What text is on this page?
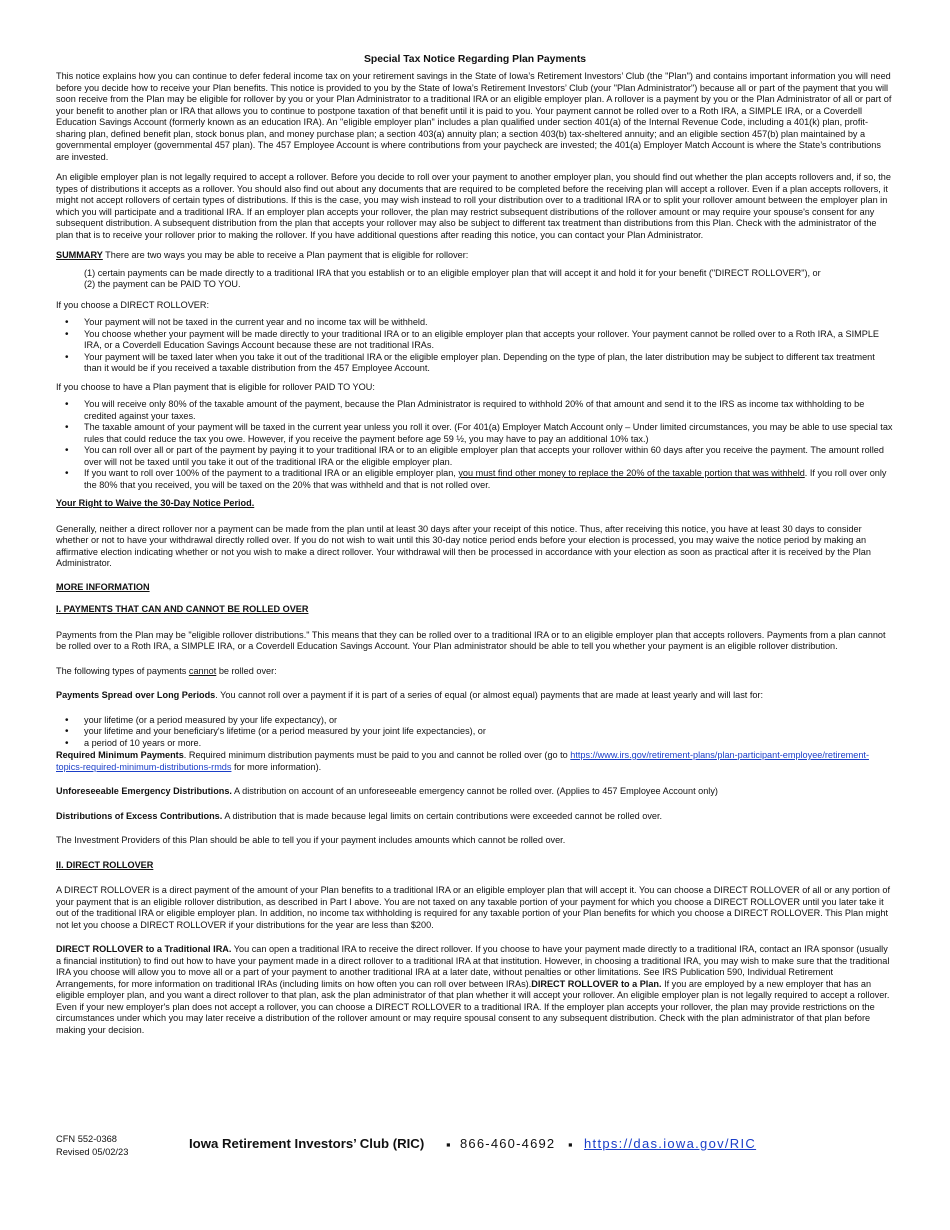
Special Tax Notice Regarding Plan Payments

This notice explains how you can continue to defer federal income tax on your retirement savings in the State of Iowa’s Retirement Investors’ Club (the "Plan") and contains important information you will need before you decide how to receive your Plan benefits. This notice is provided to you by the State of Iowa’s Retirement Investors’ Club (your "Plan Administrator") because all or part of the payment that you will soon receive from the Plan may be eligible for rollover by you or your Plan Administrator to a traditional IRA or an eligible employer plan. A rollover is a payment by you or the Plan Administrator of all or part of your benefit to another plan or IRA that allows you to continue to postpone taxation of that benefit until it is paid to you. Your payment cannot be rolled over to a Roth IRA, a SIMPLE IRA, or a Coverdell Education Savings Account (formerly known as an education IRA). An "eligible employer plan" includes a plan qualified under section 401(a) of the Internal Revenue Code, including a 401(k) plan, profit-sharing plan, defined benefit plan, stock bonus plan, and money purchase plan; a section 403(a) annuity plan; a section 403(b) tax-sheltered annuity; and an eligible section 457(b) plan maintained by a governmental employer (governmental 457 plan). The 457 Employee Account is where contributions from your paycheck are invested; the 401(a) Employer Match Account is where the State’s contributions are invested.

An eligible employer plan is not legally required to accept a rollover. Before you decide to roll over your payment to another employer plan, you should find out whether the plan accepts rollovers and, if so, the types of distributions it accepts as a rollover. You should also find out about any documents that are required to be completed before the receiving plan will accept a rollover. Even if a plan accepts rollovers, it might not accept rollovers of certain types of distributions. If this is the case, you may wish instead to roll your distribution over to a traditional IRA or to split your rollover amount between the employer plan in which you will participate and a traditional IRA. If an employer plan accepts your rollover, the plan may restrict subsequent distributions of the rollover amount or may require your spouse's consent for any subsequent distribution. A subsequent distribution from the plan that accepts your rollover may also be subject to different tax treatment than distributions from this Plan. Check with the administrator of the plan that is to receive your rollover prior to making the rollover. If you have additional questions after reading this notice, you can contact your Plan Administrator.

SUMMARY There are two ways you may be able to receive a Plan payment that is eligible for rollover:

(1) certain payments can be made directly to a traditional IRA that you establish or to an eligible employer plan that will accept it and hold it for your benefit ("DIRECT ROLLOVER"), or
(2) the payment can be PAID TO YOU.

If you choose a DIRECT ROLLOVER:

• Your payment will not be taxed in the current year and no income tax will be withheld.
• You choose whether your payment will be made directly to your traditional IRA or to an eligible employer plan that accepts your rollover. Your payment cannot be rolled over to a Roth IRA, a SIMPLE IRA, or a Coverdell Education Savings Account because these are not traditional IRAs.
• Your payment will be taxed later when you take it out of the traditional IRA or the eligible employer plan. Depending on the type of plan, the later distribution may be subject to different tax treatment than it would be if you received a taxable distribution from the 457 Employee Account.

If you choose to have a Plan payment that is eligible for rollover PAID TO YOU:

• You will receive only 80% of the taxable amount of the payment, because the Plan Administrator is required to withhold 20% of that amount and send it to the IRS as income tax withholding to be credited against your taxes.
• The taxable amount of your payment will be taxed in the current year unless you roll it over. (For 401(a) Employer Match Account only – Under limited circumstances, you may be able to use special tax rules that could reduce the tax you owe. However, if you receive the payment before age 59 ½, you may have to pay an additional 10% tax.)
• You can roll over all or part of the payment by paying it to your traditional IRA or to an eligible employer plan that accepts your rollover within 60 days after you receive the payment. The amount rolled over will not be taxed until you take it out of the traditional IRA or the eligible employer plan.
• If you want to roll over 100% of the payment to a traditional IRA or an eligible employer plan, you must find other money to replace the 20% of the taxable portion that was withheld. If you roll over only the 80% that you received, you will be taxed on the 20% that was withheld and that is not rolled over.

Your Right to Waive the 30-Day Notice Period.

Generally, neither a direct rollover nor a payment can be made from the plan until at least 30 days after your receipt of this notice. Thus, after receiving this notice, you have at least 30 days to consider whether or not to have your withdrawal directly rolled over. If you do not wish to wait until this 30-day notice period ends before your election is processed, you may waive the notice period by making an affirmative election indicating whether or not you wish to make a direct rollover. Your withdrawal will then be processed in accordance with your election as soon as practical after it is received by the Plan Administrator.

MORE INFORMATION

I. PAYMENTS THAT CAN AND CANNOT BE ROLLED OVER

Payments from the Plan may be "eligible rollover distributions." This means that they can be rolled over to a traditional IRA or to an eligible employer plan that accepts rollovers. Payments from a plan cannot be rolled over to a Roth IRA, a SIMPLE IRA, or a Coverdell Education Savings Account. Your Plan administrator should be able to tell you whether your payment is an eligible rollover distribution.

The following types of payments cannot be rolled over:

Payments Spread over Long Periods. You cannot roll over a payment if it is part of a series of equal (or almost equal) payments that are made at least yearly and will last for:

• your lifetime (or a period measured by your life expectancy), or
• your lifetime and your beneficiary's lifetime (or a period measured by your joint life expectancies), or
• a period of 10 years or more.

Required Minimum Payments. Required minimum distribution payments must be paid to you and cannot be rolled over (go to https://www.irs.gov/retirement-plans/plan-participant-employee/retirement-topics-required-minimum-distributions-rmds for more information).

Unforeseeable Emergency Distributions. A distribution on account of an unforeseeable emergency cannot be rolled over. (Applies to 457 Employee Account only)

Distributions of Excess Contributions. A distribution that is made because legal limits on certain contributions were exceeded cannot be rolled over.

The Investment Providers of this Plan should be able to tell you if your payment includes amounts which cannot be rolled over.

II. DIRECT ROLLOVER

A DIRECT ROLLOVER is a direct payment of the amount of your Plan benefits to a traditional IRA or an eligible employer plan that will accept it. You can choose a DIRECT ROLLOVER of all or any portion of your payment that is an eligible rollover distribution, as described in Part I above. You are not taxed on any taxable portion of your payment for which you choose a DIRECT ROLLOVER until you later take it out of the traditional IRA or eligible employer plan. In addition, no income tax withholding is required for any taxable portion of your Plan benefits for which you choose a DIRECT ROLLOVER. This Plan might not let you choose a DIRECT ROLLOVER if your distributions for the year are less than $200.

DIRECT ROLLOVER to a Traditional IRA. You can open a traditional IRA to receive the direct rollover. If you choose to have your payment made directly to a traditional IRA, contact an IRA sponsor (usually a financial institution) to find out how to have your payment made in a direct rollover to a traditional IRA at that institution. However, in choosing a traditional IRA, you may wish to make sure that the traditional IRA you choose will allow you to move all or a part of your payment to another traditional IRA at a later date, without penalties or other limitations. See IRS Publication 590, Individual Retirement Arrangements, for more information on traditional IRAs (including limits on how often you can roll over between IRAs).DIRECT ROLLOVER to a Plan. If you are employed by a new employer that has an eligible employer plan, and you want a direct rollover to that plan, ask the plan administrator of that plan whether it will accept your rollover. An eligible employer plan is not legally required to accept a rollover. Even if your new employer's plan does not accept a rollover, you can choose a DIRECT ROLLOVER to a traditional IRA. If the employer plan accepts your rollover, the plan may provide restrictions on the circumstances under which you may later receive a distribution of the rollover amount or may require spousal consent to any subsequent distribution. Check with the plan administrator of that plan before making your decision.

CFN 552-0368
Revised 05/02/23
Iowa Retirement Investors’ Club (RIC) ▪ 866-460-4692 ▪ https://das.iowa.gov/RIC
